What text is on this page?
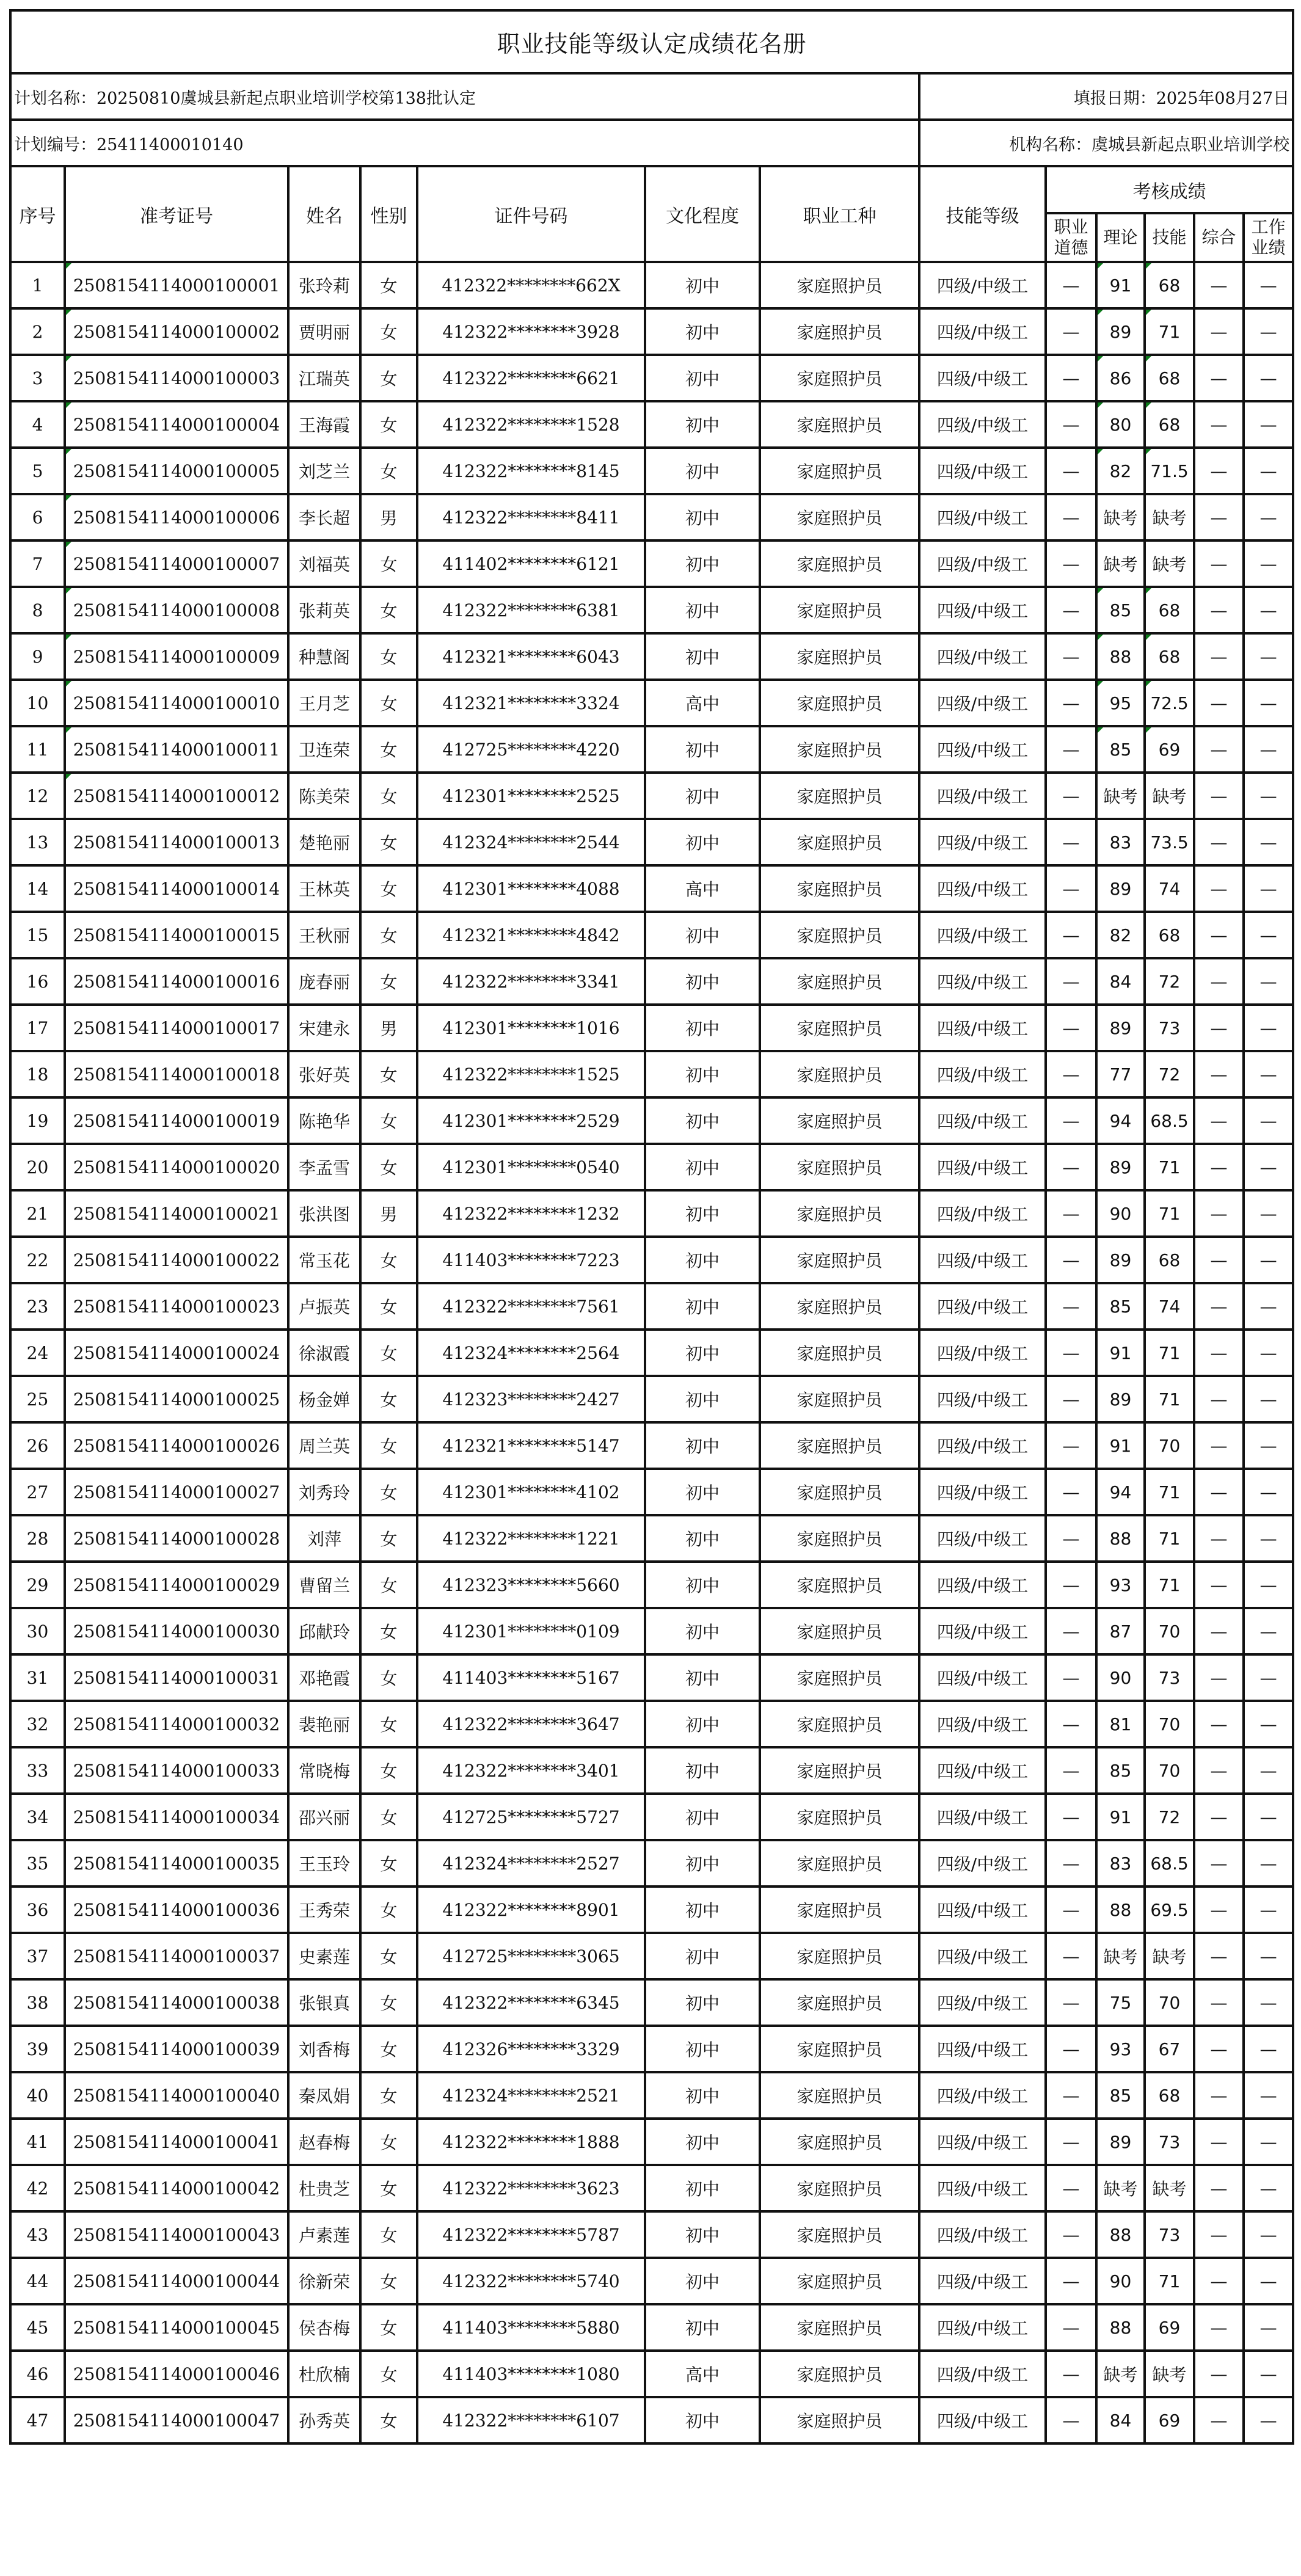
职业技能等级认定成绩花名册												
计划名称：20250810虞城县新起点职业培训学校第138批认定							填报日期：2025年08月27日					
计划编号：25411400010140							机构名称：虞城县新起点职业培训学校					
序号	准考证号	姓名	性别	证件号码	文化程度	职业工种	技能等级	考核成绩				
								职业道德	理论	技能	综合	工作业绩
1	2508154114000100001	张玲莉	女	412322********662X	初中	家庭照护员	四级/中级工	—	91	68	—	—
2	2508154114000100002	贾明丽	女	412322********3928	初中	家庭照护员	四级/中级工	—	89	71	—	—
3	2508154114000100003	江瑞英	女	412322********6621	初中	家庭照护员	四级/中级工	—	86	68	—	—
4	2508154114000100004	王海霞	女	412322********1528	初中	家庭照护员	四级/中级工	—	80	68	—	—
5	2508154114000100005	刘芝兰	女	412322********8145	初中	家庭照护员	四级/中级工	—	82	71.5	—	—
6	2508154114000100006	李长超	男	412322********8411	初中	家庭照护员	四级/中级工	—	缺考	缺考	—	—
7	2508154114000100007	刘福英	女	411402********6121	初中	家庭照护员	四级/中级工	—	缺考	缺考	—	—
8	2508154114000100008	张莉英	女	412322********6381	初中	家庭照护员	四级/中级工	—	85	68	—	—
9	2508154114000100009	种慧阁	女	412321********6043	初中	家庭照护员	四级/中级工	—	88	68	—	—
10	2508154114000100010	王月芝	女	412321********3324	高中	家庭照护员	四级/中级工	—	95	72.5	—	—
11	2508154114000100011	卫连荣	女	412725********4220	初中	家庭照护员	四级/中级工	—	85	69	—	—
12	2508154114000100012	陈美荣	女	412301********2525	初中	家庭照护员	四级/中级工	—	缺考	缺考	—	—
13	2508154114000100013	楚艳丽	女	412324********2544	初中	家庭照护员	四级/中级工	—	83	73.5	—	—
14	2508154114000100014	王林英	女	412301********4088	高中	家庭照护员	四级/中级工	—	89	74	—	—
15	2508154114000100015	王秋丽	女	412321********4842	初中	家庭照护员	四级/中级工	—	82	68	—	—
16	2508154114000100016	庞春丽	女	412322********3341	初中	家庭照护员	四级/中级工	—	84	72	—	—
17	2508154114000100017	宋建永	男	412301********1016	初中	家庭照护员	四级/中级工	—	89	73	—	—
18	2508154114000100018	张好英	女	412322********1525	初中	家庭照护员	四级/中级工	—	77	72	—	—
19	2508154114000100019	陈艳华	女	412301********2529	初中	家庭照护员	四级/中级工	—	94	68.5	—	—
20	2508154114000100020	李孟雪	女	412301********0540	初中	家庭照护员	四级/中级工	—	89	71	—	—
21	2508154114000100021	张洪图	男	412322********1232	初中	家庭照护员	四级/中级工	—	90	71	—	—
22	2508154114000100022	常玉花	女	411403********7223	初中	家庭照护员	四级/中级工	—	89	68	—	—
23	2508154114000100023	卢振英	女	412322********7561	初中	家庭照护员	四级/中级工	—	85	74	—	—
24	2508154114000100024	徐淑霞	女	412324********2564	初中	家庭照护员	四级/中级工	—	91	71	—	—
25	2508154114000100025	杨金婵	女	412323********2427	初中	家庭照护员	四级/中级工	—	89	71	—	—
26	2508154114000100026	周兰英	女	412321********5147	初中	家庭照护员	四级/中级工	—	91	70	—	—
27	2508154114000100027	刘秀玲	女	412301********4102	初中	家庭照护员	四级/中级工	—	94	71	—	—
28	2508154114000100028	刘萍	女	412322********1221	初中	家庭照护员	四级/中级工	—	88	71	—	—
29	2508154114000100029	曹留兰	女	412323********5660	初中	家庭照护员	四级/中级工	—	93	71	—	—
30	2508154114000100030	邱献玲	女	412301********0109	初中	家庭照护员	四级/中级工	—	87	70	—	—
31	2508154114000100031	邓艳霞	女	411403********5167	初中	家庭照护员	四级/中级工	—	90	73	—	—
32	2508154114000100032	裴艳丽	女	412322********3647	初中	家庭照护员	四级/中级工	—	81	70	—	—
33	2508154114000100033	常晓梅	女	412322********3401	初中	家庭照护员	四级/中级工	—	85	70	—	—
34	2508154114000100034	邵兴丽	女	412725********5727	初中	家庭照护员	四级/中级工	—	91	72	—	—
35	2508154114000100035	王玉玲	女	412324********2527	初中	家庭照护员	四级/中级工	—	83	68.5	—	—
36	2508154114000100036	王秀荣	女	412322********8901	初中	家庭照护员	四级/中级工	—	88	69.5	—	—
37	2508154114000100037	史素莲	女	412725********3065	初中	家庭照护员	四级/中级工	—	缺考	缺考	—	—
38	2508154114000100038	张银真	女	412322********6345	初中	家庭照护员	四级/中级工	—	75	70	—	—
39	2508154114000100039	刘香梅	女	412326********3329	初中	家庭照护员	四级/中级工	—	93	67	—	—
40	2508154114000100040	秦凤娟	女	412324********2521	初中	家庭照护员	四级/中级工	—	85	68	—	—
41	2508154114000100041	赵春梅	女	412322********1888	初中	家庭照护员	四级/中级工	—	89	73	—	—
42	2508154114000100042	杜贵芝	女	412322********3623	初中	家庭照护员	四级/中级工	—	缺考	缺考	—	—
43	2508154114000100043	卢素莲	女	412322********5787	初中	家庭照护员	四级/中级工	—	88	73	—	—
44	2508154114000100044	徐新荣	女	412322********5740	初中	家庭照护员	四级/中级工	—	90	71	—	—
45	2508154114000100045	侯杏梅	女	411403********5880	初中	家庭照护员	四级/中级工	—	88	69	—	—
46	2508154114000100046	杜欣楠	女	411403********1080	高中	家庭照护员	四级/中级工	—	缺考	缺考	—	—
47	2508154114000100047	孙秀英	女	412322********6107	初中	家庭照护员	四级/中级工	—	84	69	—	—
